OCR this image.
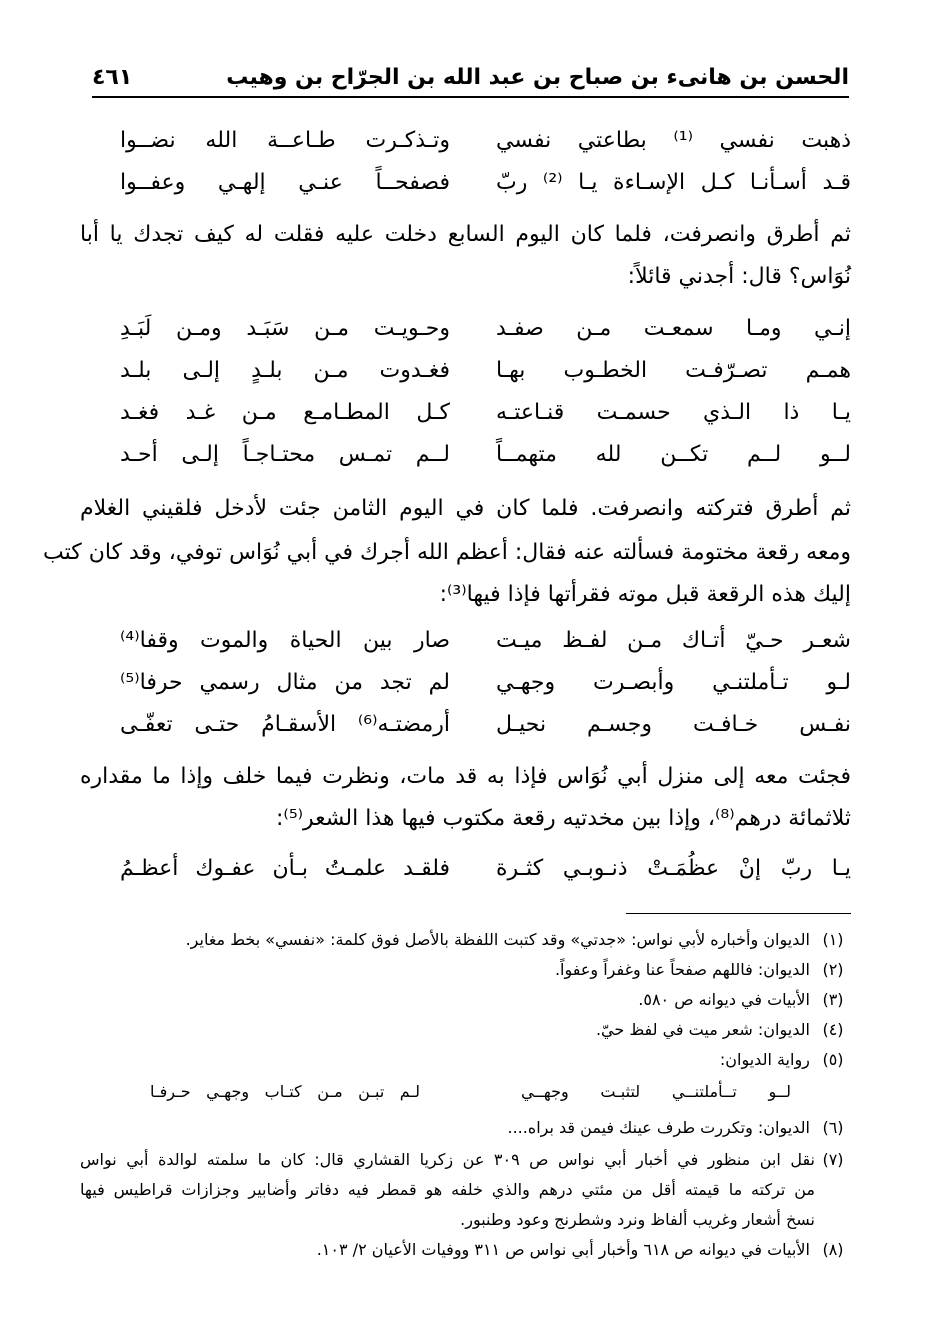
الحسن بن هانىء بن صباح بن عبد الله بن الجرّاح بن وهيب
٤٦١
ذهبت نفسي ⁽¹⁾ بطاعتي نفسي
وتـذكـرت طـاعــة الله نضــوا
قـد أسـأنـا كـل الإسـاءة يـا ⁽²⁾ ربّ
فصفحــاً عنـي إلهـي وعفــوا
ثم أطرق وانصرفت، فلما كان اليوم السابع دخلت عليه فقلت له كيف تجدك يا أبا
نُوَاس؟ قال: أجدني قائلاً:
إنـي ومـا سمعـت مـن صفـد
وحـويـت مـن سَبَـد ومـن لَبَـدِ
همـم تصـرّفـت الخطـوب بهـا
فغـدوت مـن بلـدٍ إلـى بلـد
يـا ذا الـذي حسمـت قنـاعتـه
كـل المطـامـع مـن غـد فغـد
لــو لــم تكــن لله متهمــاً
لــم تمـس محتـاجـاً إلـى أحـد
ثم أطرق فتركته وانصرفت. فلما كان في اليوم الثامن جئت لأدخل فلقيني الغلام
ومعه رقعة مختومة فسألته عنه فقال: أعظم الله أجرك في أبي نُوَاس توفي، وقد كان كتب
إليك هذه الرقعة قبل موته فقرأتها فإذا فيها⁽³⁾:
شعـر حـيّ أتـاك مـن لفـظ ميـت
صار بين الحياة والموت وقفا⁽⁴⁾
لـو تـأملتنـي وأبصـرت وجهـي
لم تجد من مثال رسمي حرفا⁽⁵⁾
نفـس خـافـت وجسـم نحيـل
أرمضتـه⁽⁶⁾ الأسقـامُ حتـى تعفّـى
فجئت معه إلى منزل أبي نُوَاس فإذا به قد مات، ونظرت فيما خلف وإذا ما مقداره
ثلاثمائة درهم⁽⁸⁾، وإذا بين مخدتيه رقعة مكتوب فيها هذا الشعر⁽⁵⁾:
يـا ربّ إنْ عظُمَـتْ ذنـوبـي كثـرة
فلقـد علمـتُ بـأن عفـوك أعظـمُ
(١) الديوان وأخباره لأبي نواس: «جدتي» وقد كتبت اللفظة بالأصل فوق كلمة: «نفسي» بخط مغاير.
(٢) الديوان: فاللهم صفحاً عنا وغفراً وعفواً.
(٣) الأبيات في ديوانه ص ٥٨٠.
(٤) الديوان: شعر ميت في لفظ حيّ.
(٥) رواية الديوان:
لــو تــأملتنــي لتثبـت وجهــي
لـم تبـن مـن كتـاب وجهـي حـرفـا
(٦) الديوان: وتكررت طرف عينك فيمن قد براه....
(٧)
نقل ابن منظور في أخبار أبي نواس ص ٣٠٩ عن زكريا القشاري قال: كان ما سلمته لوالدة أبي نواس
من تركته ما قيمته أقل من مئتي درهم والذي خلفه هو قمطر فيه دفاتر وأضابير وجزازات قراطيس فيها
نسخ أشعار وغريب ألفاظ ونرد وشطرنج وعود وطنبور.
(٨) الأبيات في ديوانه ص ٦١٨ وأخبار أبي نواس ص ٣١١ ووفيات الأعيان ٢/ ١٠٣.
